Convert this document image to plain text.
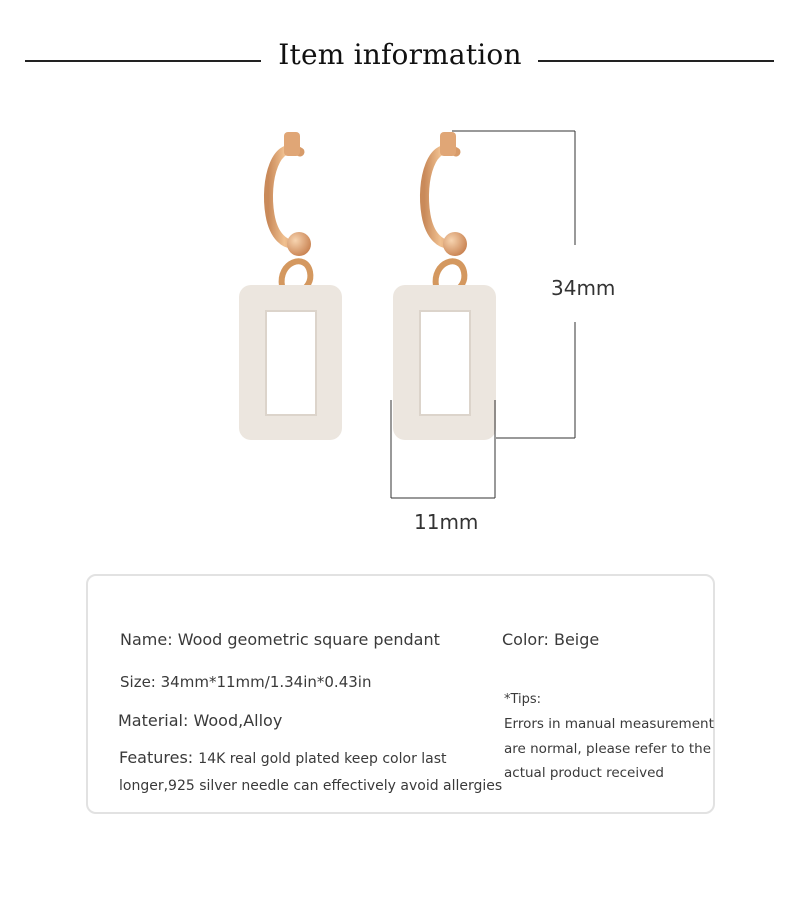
Item information
34mm
11mm
Name: Wood geometric square pendant
Size: 34mm*11mm/1.34in*0.43in
Material: Wood,Alloy
Features: 14K real gold plated keep color last
longer,925 silver needle can effectively avoid allergies
Color: Beige
*Tips:
Errors in manual measurement
are normal, please refer to the
actual product received
